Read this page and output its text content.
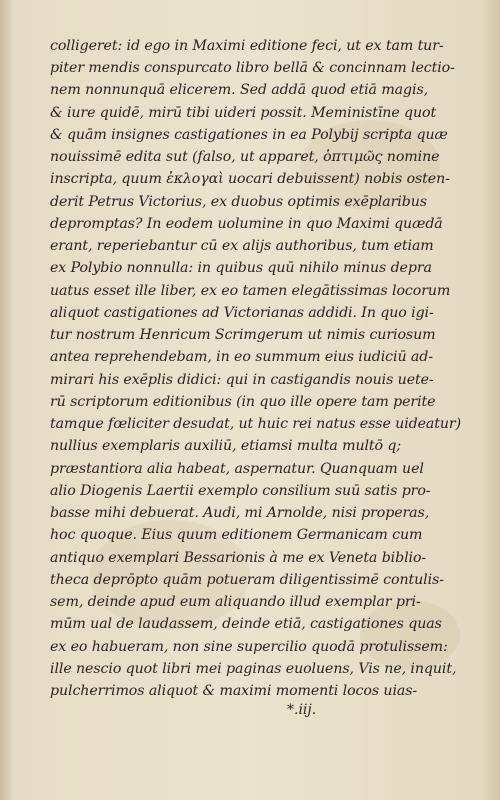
colligeret: id ego in Maximi editione feci, ut ex tam tur-
piter mendis conspurcato libro bellā & concinnam lectio-
nem nonnunquā elicerem. Sed addā quod etiā magis,
& iure quidē, mirū tibi uideri possit. Meministīne quot
& quām insignes castigationes in ea Polybij scripta quæ
nouissimē edita sut (falso, ut apparet, ὁπτιμῶς nomine
inscripta, quum ἐκλογαὶ uocari debuissent) nobis osten-
derit Petrus Victorius, ex duobus optimis exēplaribus
depromptas? In eodem uolumine in quo Maximi quædā
erant, reperiebantur cū ex alijs authoribus, tum etiam
ex Polybio nonnulla: in quibus quū nihilo minus depra
uatus esset ille liber, ex eo tamen elegātissimas locorum
aliquot castigationes ad Victorianas addidi. In quo igi-
tur nostrum Henricum Scrimgerum ut nimis curiosum
antea reprehendebam, in eo summum eius iudiciū ad-
mirari his exēplis didici: qui in castigandis nouis uete-
rū scriptorum editionibus (in quo ille opere tam perite
tamque fœliciter desudat, ut huic rei natus esse uideatur)
nullius exemplaris auxiliū, etiamsi multa multō q;
præstantiora alia habeat, aspernatur. Quanquam uel
alio Diogenis Laertii exemplo consilium suū satis pro-
basse mihi debuerat. Audi, mi Arnolde, nisi properas,
hoc quoque. Eius quum editionem Germanicam cum
antiquo exemplari Bessarionis à me ex Veneta biblio-
theca deprōpto quām potueram diligentissimē contulis-
sem, deinde apud eum aliquando illud exemplar pri-
mūm ual de laudassem, deinde etiā, castigationes quas
ex eo habueram, non sine supercilio quodā protulissem:
ille nescio quot libri mei paginas euoluens, Vis ne, inquit,
pulcherrimos aliquot & maximi momenti locos uias-
*.iij.
